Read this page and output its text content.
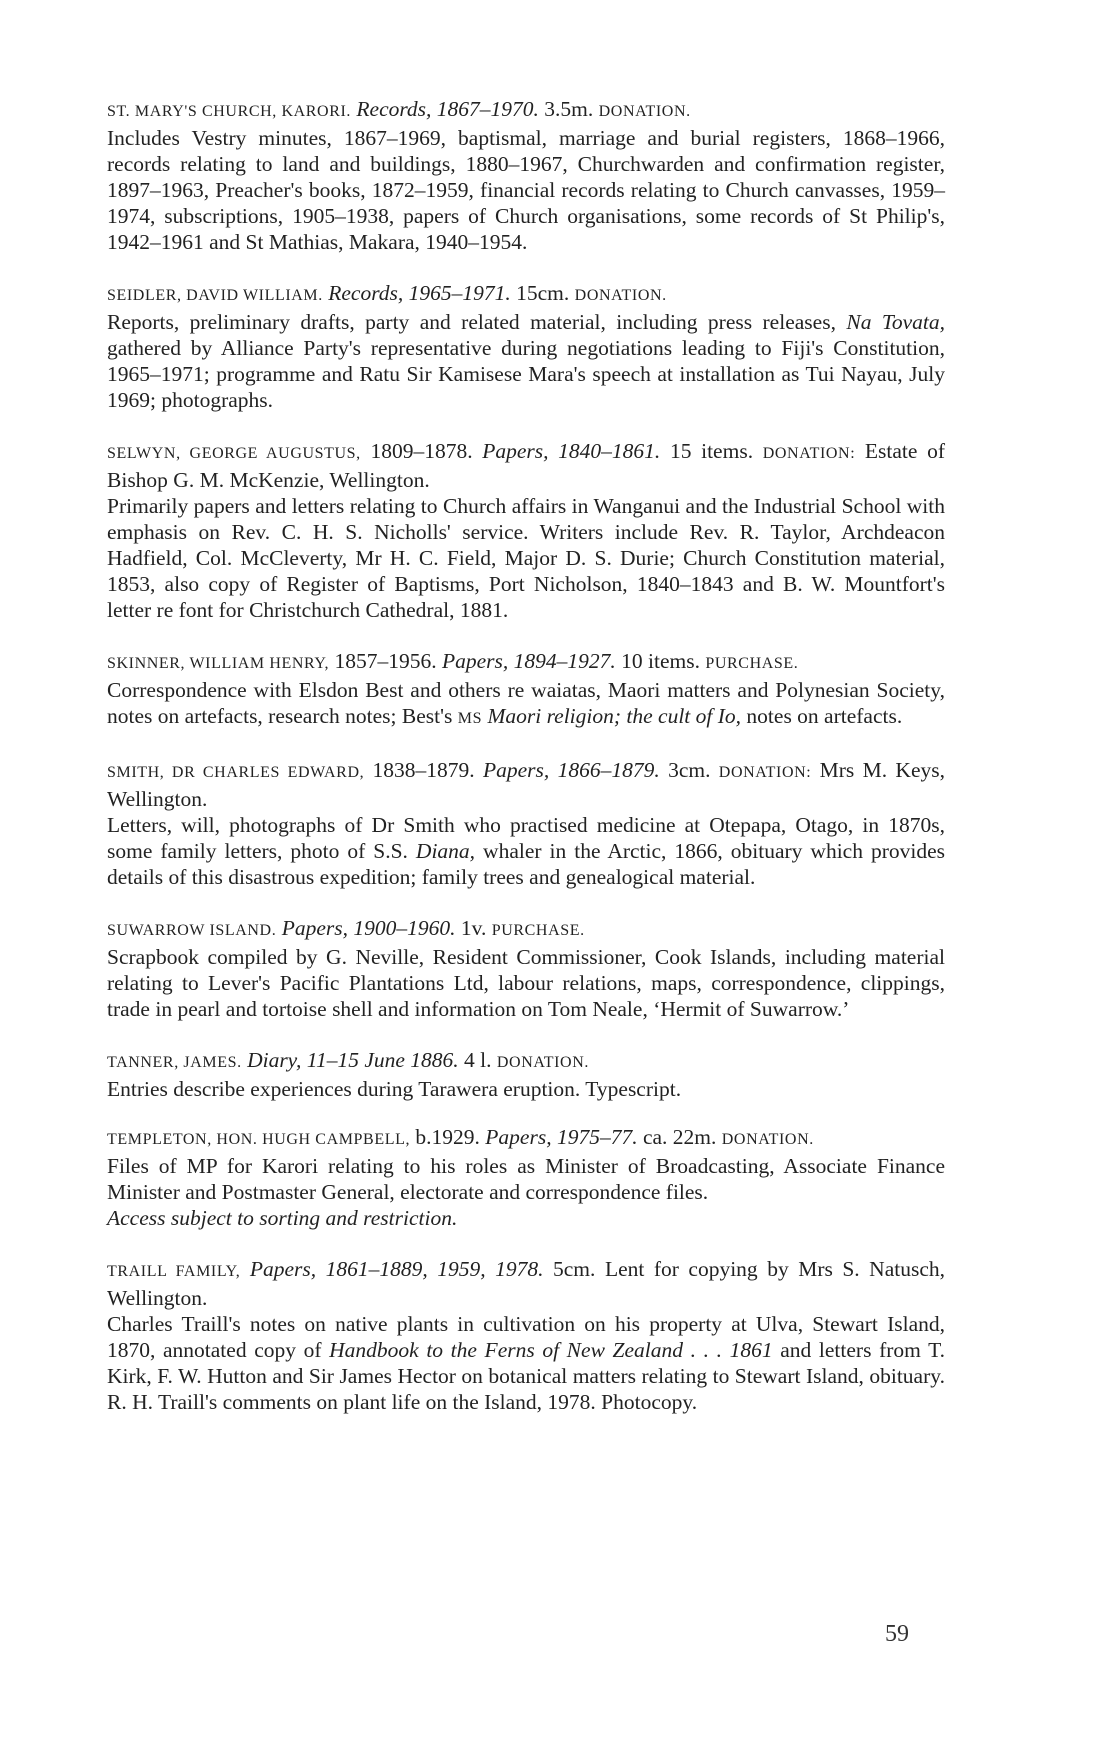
ST. MARY'S CHURCH, KARORI. Records, 1867–1970. 3.5m. DONATION.

Includes Vestry minutes, 1867–1969, baptismal, marriage and burial registers, 1868–1966, records relating to land and buildings, 1880–1967, Churchwarden and confirmation register, 1897–1963, Preacher's books, 1872–1959, financial records relating to Church canvasses, 1959–1974, subscriptions, 1905–1938, papers of Church organisations, some records of St Philip's, 1942–1961 and St Mathias, Makara, 1940–1954.

SEIDLER, DAVID WILLIAM. Records, 1965–1971. 15cm. DONATION.

Reports, preliminary drafts, party and related material, including press releases, Na Tovata, gathered by Alliance Party's representative during negotiations leading to Fiji's Constitution, 1965–1971; programme and Ratu Sir Kamisese Mara's speech at installation as Tui Nayau, July 1969; photographs.

SELWYN, GEORGE AUGUSTUS, 1809–1878. Papers, 1840–1861. 15 items. DONATION: Estate of Bishop G. M. McKenzie, Wellington.

Primarily papers and letters relating to Church affairs in Wanganui and the Industrial School with emphasis on Rev. C. H. S. Nicholls' service. Writers include Rev. R. Taylor, Archdeacon Hadfield, Col. McCleverty, Mr H. C. Field, Major D. S. Durie; Church Constitution material, 1853, also copy of Register of Baptisms, Port Nicholson, 1840–1843 and B. W. Mountfort's letter re font for Christchurch Cathedral, 1881.

SKINNER, WILLIAM HENRY, 1857–1956. Papers, 1894–1927. 10 items. PURCHASE.

Correspondence with Elsdon Best and others re waiatas, Maori matters and Polynesian Society, notes on artefacts, research notes; Best's MS Maori religion; the cult of Io, notes on artefacts.

SMITH, DR CHARLES EDWARD, 1838–1879. Papers, 1866–1879. 3cm. DONATION: Mrs M. Keys, Wellington.

Letters, will, photographs of Dr Smith who practised medicine at Otepapa, Otago, in 1870s, some family letters, photo of S.S. Diana, whaler in the Arctic, 1866, obituary which provides details of this disastrous expedition; family trees and genealogical material.

SUWARROW ISLAND. Papers, 1900–1960. 1v. PURCHASE.

Scrapbook compiled by G. Neville, Resident Commissioner, Cook Islands, including material relating to Lever's Pacific Plantations Ltd, labour relations, maps, correspondence, clippings, trade in pearl and tortoise shell and information on Tom Neale, ‘Hermit of Suwarrow.’

TANNER, JAMES. Diary, 11–15 June 1886. 4 l. DONATION.

Entries describe experiences during Tarawera eruption. Typescript.

TEMPLETON, HON. HUGH CAMPBELL, b.1929. Papers, 1975–77. ca. 22m. DONATION.

Files of MP for Karori relating to his roles as Minister of Broadcasting, Associate Finance Minister and Postmaster General, electorate and correspondence files.

Access subject to sorting and restriction.

TRAILL FAMILY, Papers, 1861–1889, 1959, 1978. 5cm. Lent for copying by Mrs S. Natusch, Wellington.

Charles Traill's notes on native plants in cultivation on his property at Ulva, Stewart Island, 1870, annotated copy of Handbook to the Ferns of New Zealand . . . 1861 and letters from T. Kirk, F. W. Hutton and Sir James Hector on botanical matters relating to Stewart Island, obituary. R. H. Traill's comments on plant life on the Island, 1978. Photocopy.

59
